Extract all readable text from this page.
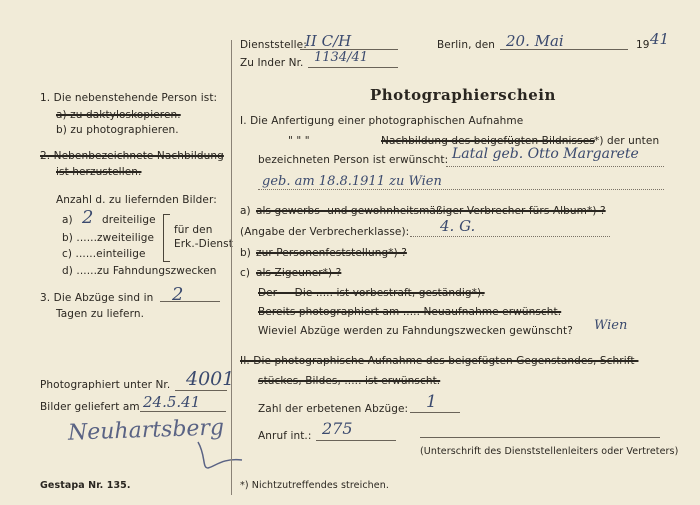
1. Die nebenstehende Person ist:
a) zu daktyloskopieren.
b) zu photographieren.
2. Nebenbezeichnete Nachbildung
ist herzustellen.
Anzahl d. zu liefernden Bilder:
a) 2 dreiteilige
b) ......zweiteilige
c) ......einteilige
d) ......zu Fahndungszwecken
für den
Erk.-Dienst
3. Die Abzüge sind in 2
Tagen zu liefern.
Photographiert unter Nr. 4001
Bilder geliefert am 24.5.41
Neuhartsberg
Gestapa Nr. 135.
Dienststelle:
II C/H	Berlin, den 20. Mai	19 41
Zu Inder Nr. 1134/41
Photographierschein
I. Die Anfertigung einer photographischen Aufnahme
" " "	Nachbildung des beigefügten Bildnisses *) der unten
bezeichneten Person ist erwünscht: Latal geb. Otto Margarete
geb. am 18.8.1911 zu Wien
a) als gewerbs- und gewohnheitsmäßiger Verbrecher fürs Album*) ?
(Angabe der Verbrecherklasse): 4. G.
b) zur Personenfeststellung*) ?
c) als Zigeuner*) ?
Der — Die ..... ist vorbestraft, geständig*).
Bereits photographiert am ..... Neuaufnahme erwünscht.
Wieviel Abzüge werden zu Fahndungszwecken gewünscht? Wien
II. Die photographische Aufnahme des beigefügten Gegenstandes, Schrift-
stückes, Bildes, ..... ist erwünscht.
Zahl der erbetenen Abzüge: 1
Anruf int.: 275
(Unterschrift des Dienststellenleiters oder Vertreters)
*) Nichtzutreffendes streichen.
